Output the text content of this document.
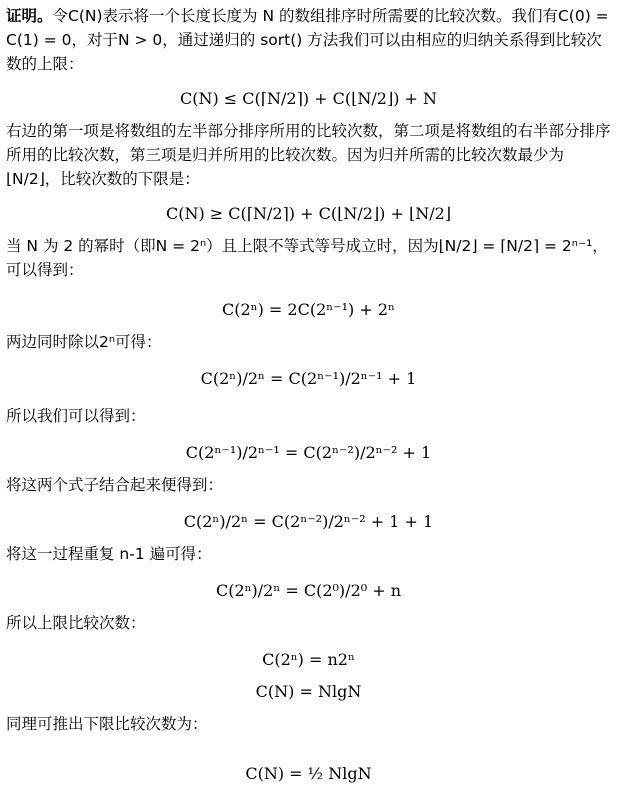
证明。令C(N)表示将一个长度长度为 N 的数组排序时所需要的比较次数。我们有C(0) = C(1) = 0，对于N > 0，通过递归的 sort() 方法我们可以由相应的归纳关系得到比较次数的上限：

C(N) ≤ C(⌈N/2⌉) + C(⌊N/2⌋) + N

右边的第一项是将数组的左半部分排序所用的比较次数，第二项是将数组的右半部分排序所用的比较次数，第三项是归并所用的比较次数。因为归并所需的比较次数最少为⌊N/2⌋，比较次数的下限是：

C(N) ≥ C(⌈N/2⌉) + C(⌊N/2⌋) + ⌊N/2⌋

当 N 为 2 的幂时（即N = 2ⁿ）且上限不等式等号成立时，因为⌊N/2⌋ = ⌈N/2⌉ = 2ⁿ⁻¹，可以得到：

C(2ⁿ) = 2C(2ⁿ⁻¹) + 2ⁿ

两边同时除以2ⁿ可得：

C(2ⁿ)/2ⁿ = C(2ⁿ⁻¹)/2ⁿ⁻¹ + 1

所以我们可以得到：

C(2ⁿ⁻¹)/2ⁿ⁻¹ = C(2ⁿ⁻²)/2ⁿ⁻² + 1

将这两个式子结合起来便得到：

C(2ⁿ)/2ⁿ = C(2ⁿ⁻²)/2ⁿ⁻² + 1 + 1

将这一过程重复 n-1 遍可得：

C(2ⁿ)/2ⁿ = C(2⁰)/2⁰ + n

所以上限比较次数：

C(2ⁿ) = n2ⁿ

C(N) = NlgN

同理可推出下限比较次数为：

C(N) = ½ NlgN
